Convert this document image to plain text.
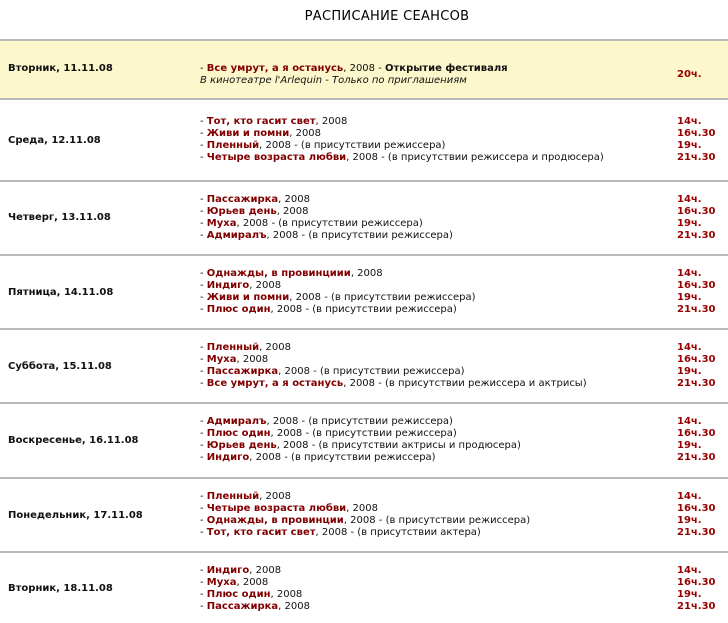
РАСПИСАНИЕ СЕАНСОВ
Вторник, 11.11.08	- Все умрут, а я останусь, 2008 - Открытие фестиваля
В кинотеатре l'Arlequin - Только по приглашениям
20ч.
Среда, 12.11.08
- Тот, кто гасит свет, 2008
- Живи и помни, 2008
- Пленный, 2008 - (в присутствии режиссера)
- Четыре возраста любви, 2008 - (в присутствии режиссера и продюсера)
14ч.
16ч.30
19ч.
21ч.30
Четверг, 13.11.08
- Пассажирка, 2008
- Юрьев день, 2008
- Муха, 2008 - (в присутствии режиссера)
- Адмиралъ, 2008 - (в присутствии режиссера)
14ч.
16ч.30
19ч.
21ч.30
Пятница, 14.11.08
- Однажды, в провинциии, 2008
- Индиго, 2008
- Живи и помни, 2008 - (в присутствии режиссера)
- Плюс один, 2008 - (в присутствии режиссера)
14ч.
16ч.30
19ч.
21ч.30
Суббота, 15.11.08
- Пленный, 2008
- Муха, 2008
- Пассажирка, 2008 - (в присутствии режиссера)
- Все умрут, а я останусь, 2008 - (в присутствии режиссера и актрисы)
14ч.
16ч.30
19ч.
21ч.30
Воскресенье, 16.11.08
- Адмиралъ, 2008 - (в присутствии режиссера)
- Плюс один, 2008 - (в присутствии режиссера)
- Юрьев день, 2008 - (в присутствии актрисы и продюсера)
- Индиго, 2008 - (в присутствии режиссера)
14ч.
16ч.30
19ч.
21ч.30
Понедельник, 17.11.08
- Пленный, 2008
- Четыре возраста любви, 2008
- Однажды, в провинции, 2008 - (в присутствии режиссера)
- Тот, кто гасит свет, 2008 - (в присутствии актера)
14ч.
16ч.30
19ч.
21ч.30
Вторник, 18.11.08
- Индиго, 2008
- Муха, 2008
- Плюс один, 2008
- Пассажирка, 2008
14ч.
16ч.30
19ч.
21ч.30
